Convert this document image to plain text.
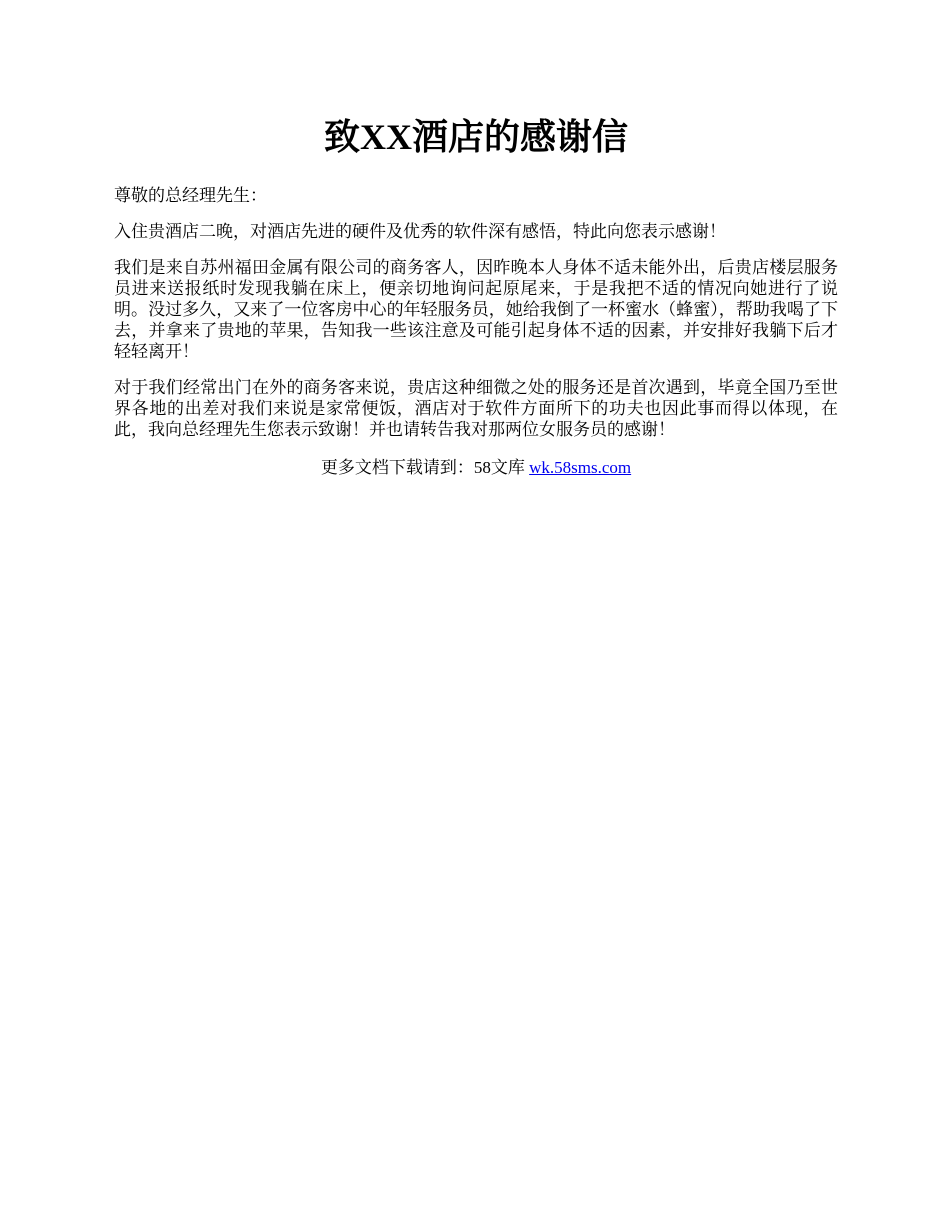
致XX酒店的感谢信

尊敬的总经理先生：

入住贵酒店二晚，对酒店先进的硬件及优秀的软件深有感悟，特此向您表示感谢！

我们是来自苏州福田金属有限公司的商务客人，因昨晚本人身体不适未能外出，后贵店楼层服务员进来送报纸时发现我躺在床上，便亲切地询问起原尾来，于是我把不适的情况向她进行了说明。没过多久，又来了一位客房中心的年轻服务员，她给我倒了一杯蜜水（蜂蜜），帮助我喝了下去，并拿来了贵地的苹果，告知我一些该注意及可能引起身体不适的因素，并安排好我躺下后才轻轻离开！

对于我们经常出门在外的商务客来说，贵店这种细微之处的服务还是首次遇到，毕竟全国乃至世界各地的出差对我们来说是家常便饭，酒店对于软件方面所下的功夫也因此事而得以体现，在此，我向总经理先生您表示致谢！并也请转告我对那两位女服务员的感谢！

更多文档下载请到：58文库 wk.58sms.com
